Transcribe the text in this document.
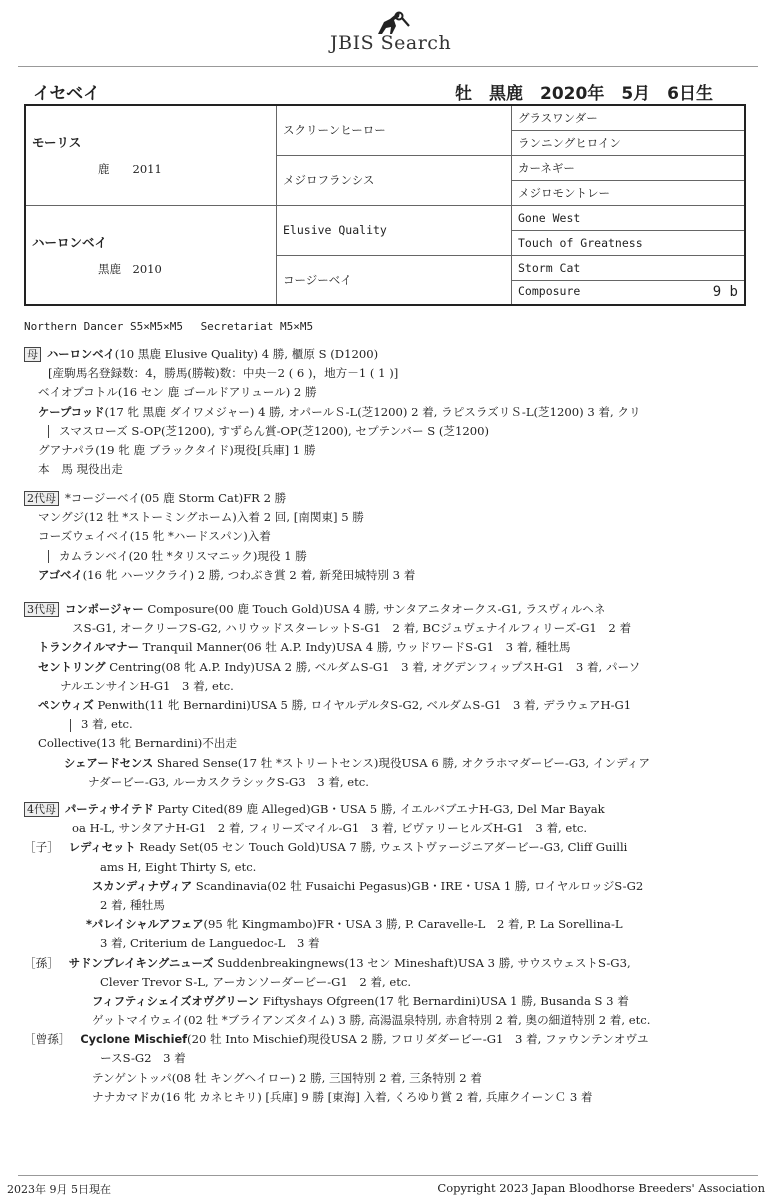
JBIS Search
イセベイ	牡　黒鹿　2020年　5月　6日生
モーリス
鹿　　2011	スクリーンヒーロー	グラスワンダー
		ランニングヒロイン
	メジロフランシス	カーネギー
		メジロモントレー

ハーロンベイ
黒鹿　2010	Elusive Quality	Gone West
		Touch of Greatness
	コージーベイ	Storm Cat
		Composure 9 b
Northern Dancer S5×M5×M5　 Secretariat M5×M5
母 ハーロンベイ(10 黒鹿 Elusive Quality) 4 勝, 櫃原 S (D1200)
[産駒馬名登録数：4，勝馬(勝鞍)数：中央－2 ( 6 )，地方－1 ( 1 )]
ベイオブコトル(16 セン 鹿 ゴールドアリュール) 2 勝
ケープコッド(17 牝 黒鹿 ダイワメジャー) 4 勝, オパールＳ-L(芝1200) 2 着, ラピスラズリＳ-L(芝1200) 3 着, クリ
スマスローズ S-OP(芝1200), すずらん賞-OP(芝1200), セプテンバー S (芝1200)
グアナパラ(19 牝 鹿 ブラックタイド)現役[兵庫] 1 勝
本　馬 現役出走
2代母 *コージーベイ(05 鹿 Storm Cat)FR 2 勝
マングジ(12 牡 *ストーミングホーム)入着 2 回, [南関東] 5 勝
コーズウェイベイ(15 牝 *ハードスパン)入着
カムランベイ(20 牡 *タリスマニック)現役 1 勝
アゴベイ(16 牝 ハーツクライ) 2 勝, つわぶき賞 2 着, 新発田城特別 3 着
3代母 コンポージャー Composure(00 鹿 Touch Gold)USA 4 勝, サンタアニタオークス-G1, ラスヴィルヘネ
スS-G1, オークリーフS-G2, ハリウッドスターレットS-G1　2 着, BCジュヴェナイルフィリーズ-G1　2 着
トランクイルマナー Tranquil Manner(06 牡 A.P. Indy)USA 4 勝, ウッドワードS-G1　3 着, 種牡馬
セントリング Centring(08 牝 A.P. Indy)USA 2 勝, ベルダムS-G1　3 着, オグデンフィップスH-G1　3 着, パーソ
ナルエンサインH-G1　3 着, etc.
ペンウィズ Penwith(11 牝 Bernardini)USA 5 勝, ロイヤルデルタS-G2, ベルダムS-G1　3 着, デラウェアH-G1
3 着, etc.
Collective(13 牝 Bernardini)不出走
シェアードセンス Shared Sense(17 牡 *ストリートセンス)現役USA 6 勝, オクラホマダービー-G3, インディア
ナダービー-G3, ルーカスクラシックS-G3　3 着, etc.
4代母 パーティサイテド Party Cited(89 鹿 Alleged)GB・USA 5 勝, イエルバブエナH-G3, Del Mar Bayak
oa H-L, サンタアナH-G1　2 着, フィリーズマイル-G1　3 着, ビヴァリーヒルズH-G1　3 着, etc.
［子］ レディセット Ready Set(05 セン Touch Gold)USA 7 勝, ウェストヴァージニアダービー-G3, Cliff Guilli
ams H, Eight Thirty S, etc.
スカンディナヴィア Scandinavia(02 牡 Fusaichi Pegasus)GB・IRE・USA 1 勝, ロイヤルロッジS-G2
2 着, 種牡馬
*パレイシャルアフェア(95 牝 Kingmambo)FR・USA 3 勝, P. Caravelle-L　2 着, P. La Sorellina-L
3 着, Criterium de Languedoc-L　3 着
［孫］ サドンブレイキングニューズ Suddenbreakingnews(13 セン Mineshaft)USA 3 勝, サウスウェストS-G3,
Clever Trevor S-L, アーカンソーダービー-G1　2 着, etc.
フィフティシェイズオヴグリーン Fiftyshays Ofgreen(17 牝 Bernardini)USA 1 勝, Busanda S 3 着
ゲットマイウェイ(02 牡 *ブライアンズタイム) 3 勝, 高湯温泉特別, 赤倉特別 2 着, 奥の細道特別 2 着, etc.
［曾孫］ Cyclone Mischief(20 牡 Into Mischief)現役USA 2 勝, フロリダダービー-G1　3 着, ファウンテンオヴユ
ースS-G2　3 着
テンゲントッパ(08 牡 キングヘイロー) 2 勝, 三国特別 2 着, 三条特別 2 着
ナナカマドカ(16 牝 カネヒキリ) [兵庫] 9 勝 [東海] 入着, くろゆり賞 2 着, 兵庫クイーンＣ 3 着
2023年 9月 5日現在	Copyright 2023 Japan Bloodhorse Breeders' Association
